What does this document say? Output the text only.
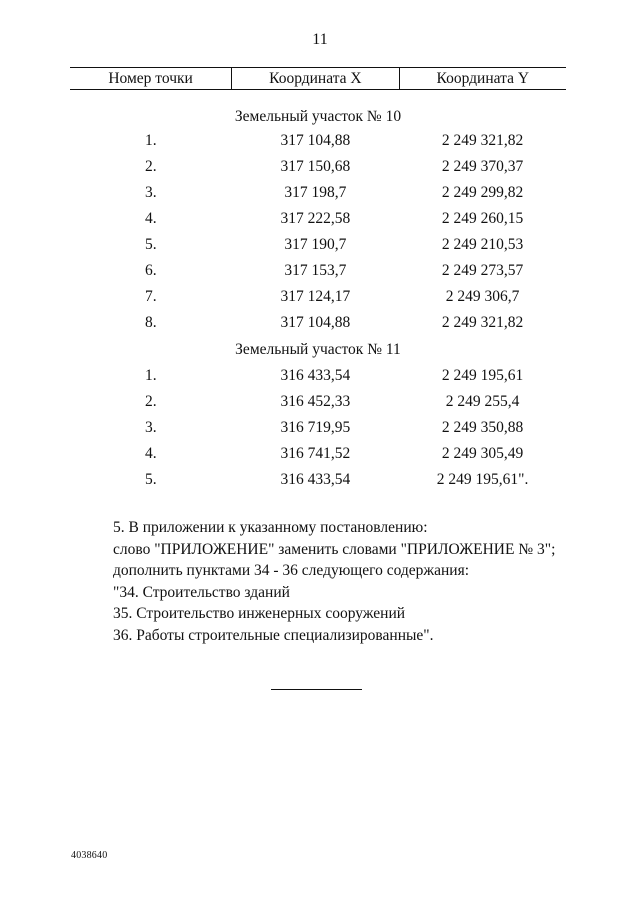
11
Номер точки	Координата X	Координата Y
Земельный участок № 10		
1.	317 104,88	2 249 321,82
2.	317 150,68	2 249 370,37
3.	317 198,7	2 249 299,82
4.	317 222,58	2 249 260,15
5.	317 190,7	2 249 210,53
6.	317 153,7	2 249 273,57
7.	317 124,17	2 249 306,7
8.	317 104,88	2 249 321,82
Земельный участок № 11		
1.	316 433,54	2 249 195,61
2.	316 452,33	2 249 255,4
3.	316 719,95	2 249 350,88
4.	316 741,52	2 249 305,49
5.	316 433,54	2 249 195,61".

5. В приложении к указанному постановлению:

слово "ПРИЛОЖЕНИЕ" заменить словами "ПРИЛОЖЕНИЕ № 3";

дополнить пунктами 34 - 36 следующего содержания:

"34. Строительство зданий

35. Строительство инженерных сооружений

36. Работы строительные специализированные".

4038640
